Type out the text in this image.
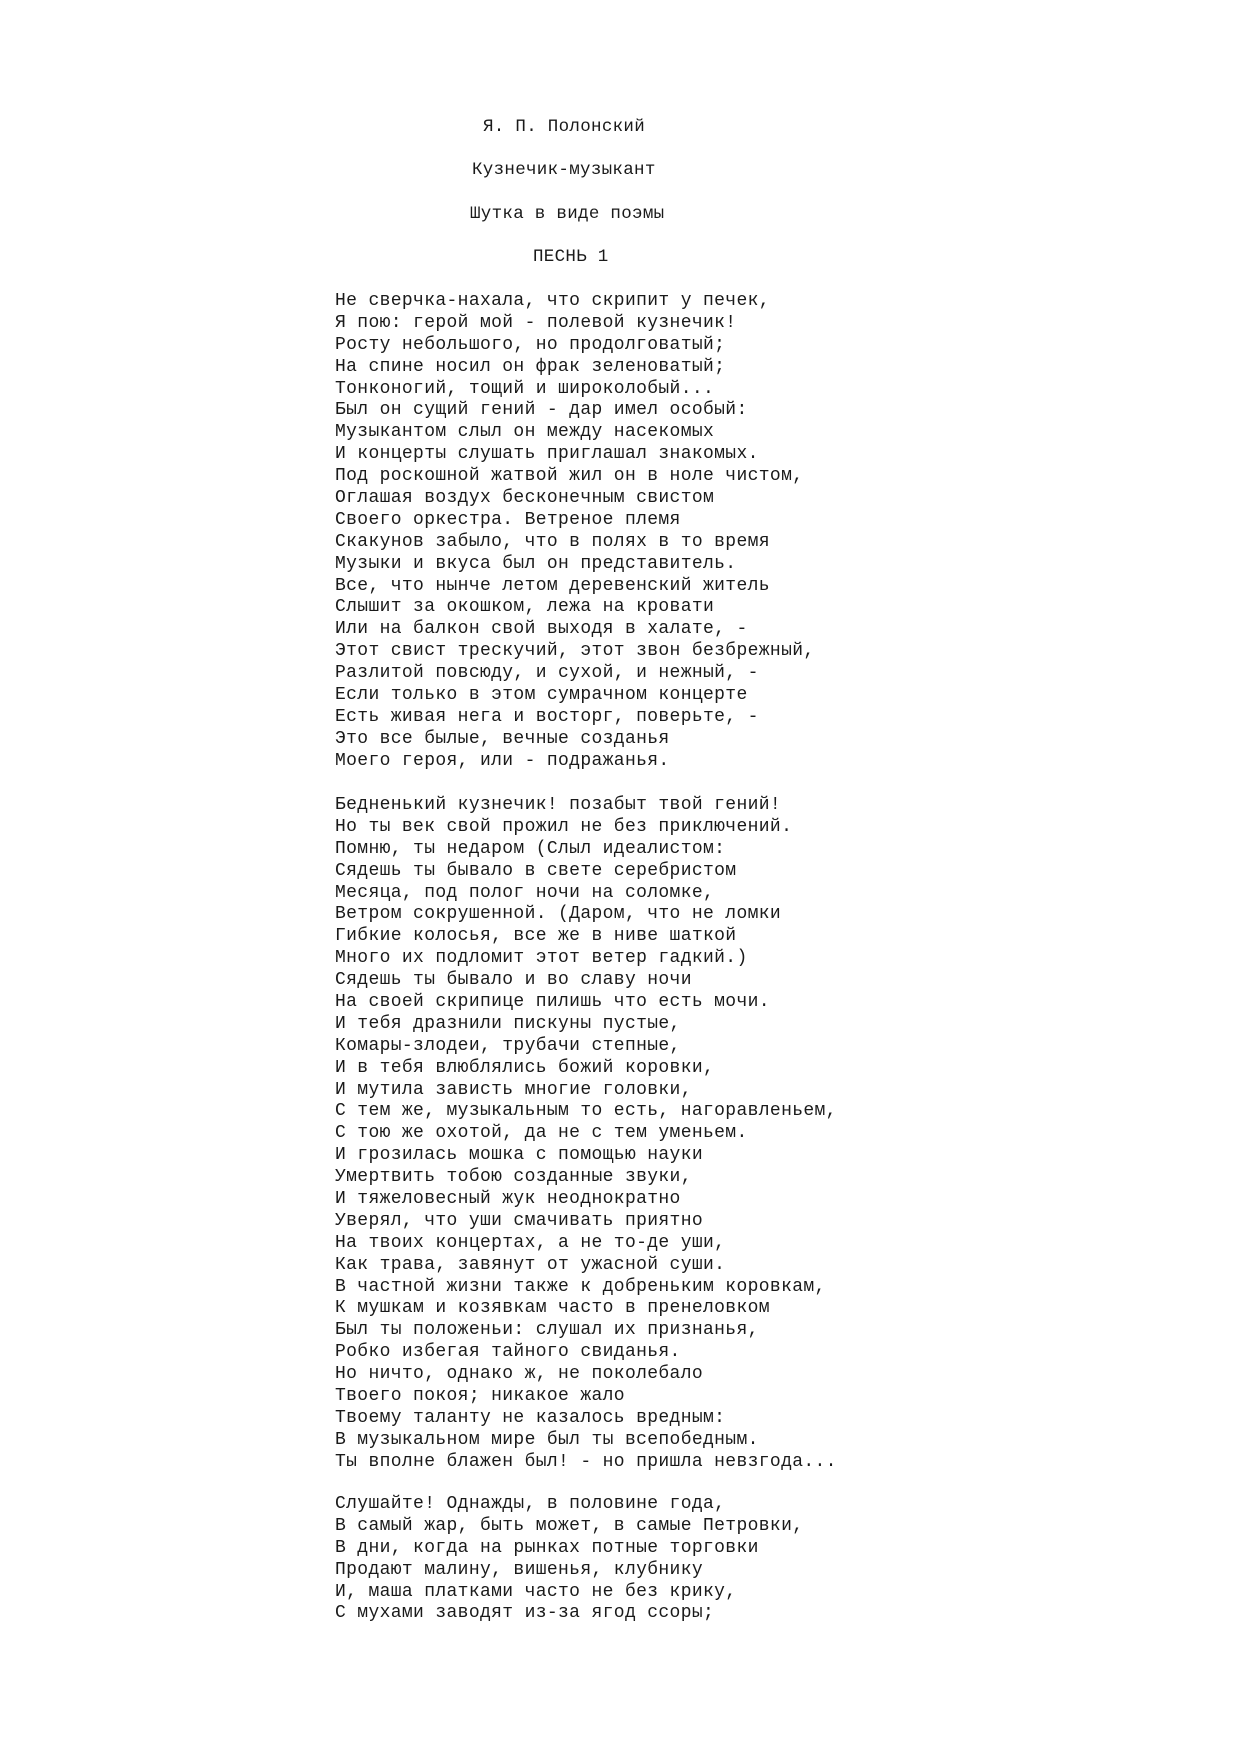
Я. П. Полонский
Кузнечик-музыкант
Шутка в виде поэмы
ПЕСНЬ 1
Не сверчка-нахала, что скрипит у печек,
Я пою: герой мой - полевой кузнечик!
Росту небольшого, но продолговатый;
На спине носил он фрак зеленоватый;
Тонконогий, тощий и широколобый...
Был он сущий гений - дар имел особый:
Музыкантом слыл он между насекомых
И концерты слушать приглашал знакомых.
Под роскошной жатвой жил он в ноле чистом,
Оглашая воздух бесконечным свистом
Своего оркестра. Ветреное племя
Скакунов забыло, что в полях в то время
Музыки и вкуса был он представитель.
Все, что нынче летом деревенский житель
Слышит за окошком, лежа на кровати
Или на балкон свой выходя в халате, -
Этот свист трескучий, этот звон безбрежный,
Разлитой повсюду, и сухой, и нежный, -
Если только в этом сумрачном концерте
Есть живая нега и восторг, поверьте, -
Это все былые, вечные созданья
Моего героя, или - подражанья.
Бедненький кузнечик! позабыт твой гений!
Но ты век свой прожил не без приключений.
Помню, ты недаром (Слыл идеалистом:
Сядешь ты бывало в свете серебристом
Месяца, под полог ночи на соломке,
Ветром сокрушенной. (Даром, что не ломки
Гибкие колосья, все же в ниве шаткой
Много их подломит этот ветер гадкий.)
Сядешь ты бывало и во славу ночи
На своей скрипице пилишь что есть мочи.
И тебя дразнили пискуны пустые,
Комары-злодеи, трубачи степные,
И в тебя влюблялись божий коровки,
И мутила зависть многие головки,
С тем же, музыкальным то есть, нагоравленьем,
С тою же охотой, да не с тем уменьем.
И грозилась мошка с помощью науки
Умертвить тобою созданные звуки,
И тяжеловесный жук неоднократно
Уверял, что уши смачивать приятно
На твоих концертах, а не то-де уши,
Как трава, завянут от ужасной суши.
В частной жизни также к добреньким коровкам,
К мушкам и козявкам часто в пренеловком
Был ты положеньи: слушал их признанья,
Робко избегая тайного свиданья.
Но ничто, однако ж, не поколебало
Твоего покоя; никакое жало
Твоему таланту не казалось вредным:
В музыкальном мире был ты всепобедным.
Ты вполне блажен был! - но пришла невзгода...
Слушайте! Однажды, в половине года,
В самый жар, быть может, в самые Петровки,
В дни, когда на рынках потные торговки
Продают малину, вишенья, клубнику
И, маша платками часто не без крику,
С мухами заводят из-за ягод ссоры;
